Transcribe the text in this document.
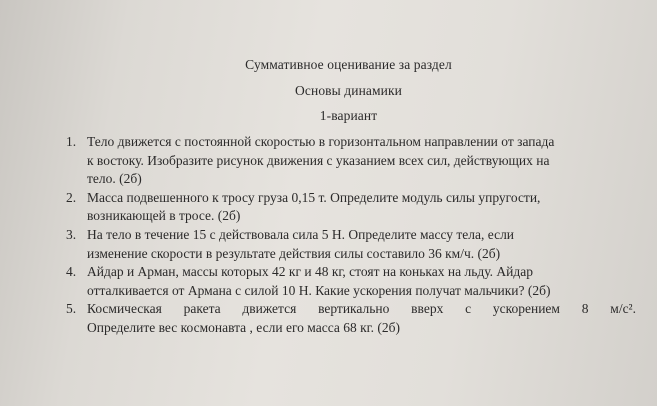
Суммативное оценивание за раздел
Основы динамики
1-вариант
1. Тело движется с постоянной скоростью в горизонтальном направлении от запада
к востоку. Изобразите рисунок движения с указанием всех сил, действующих на
тело. (2б)
2. Масса подвешенного к тросу груза 0,15 т. Определите модуль силы упругости,
возникающей в тросе. (2б)
3. На тело в течение 15 с действовала сила 5 Н. Определите массу тела, если
изменение скорости в результате действия силы составило 36 км/ч. (2б)
4. Айдар и Арман, массы которых 42 кг и 48 кг, стоят на коньках на льду. Айдар
отталкивается от Армана с силой 10 Н. Какие ускорения получат мальчики? (2б)
5. Космическая ракета движется вертикально вверх с ускорением 8 м/с².
Определите вес космонавта , если его масса 68 кг. (2б)
